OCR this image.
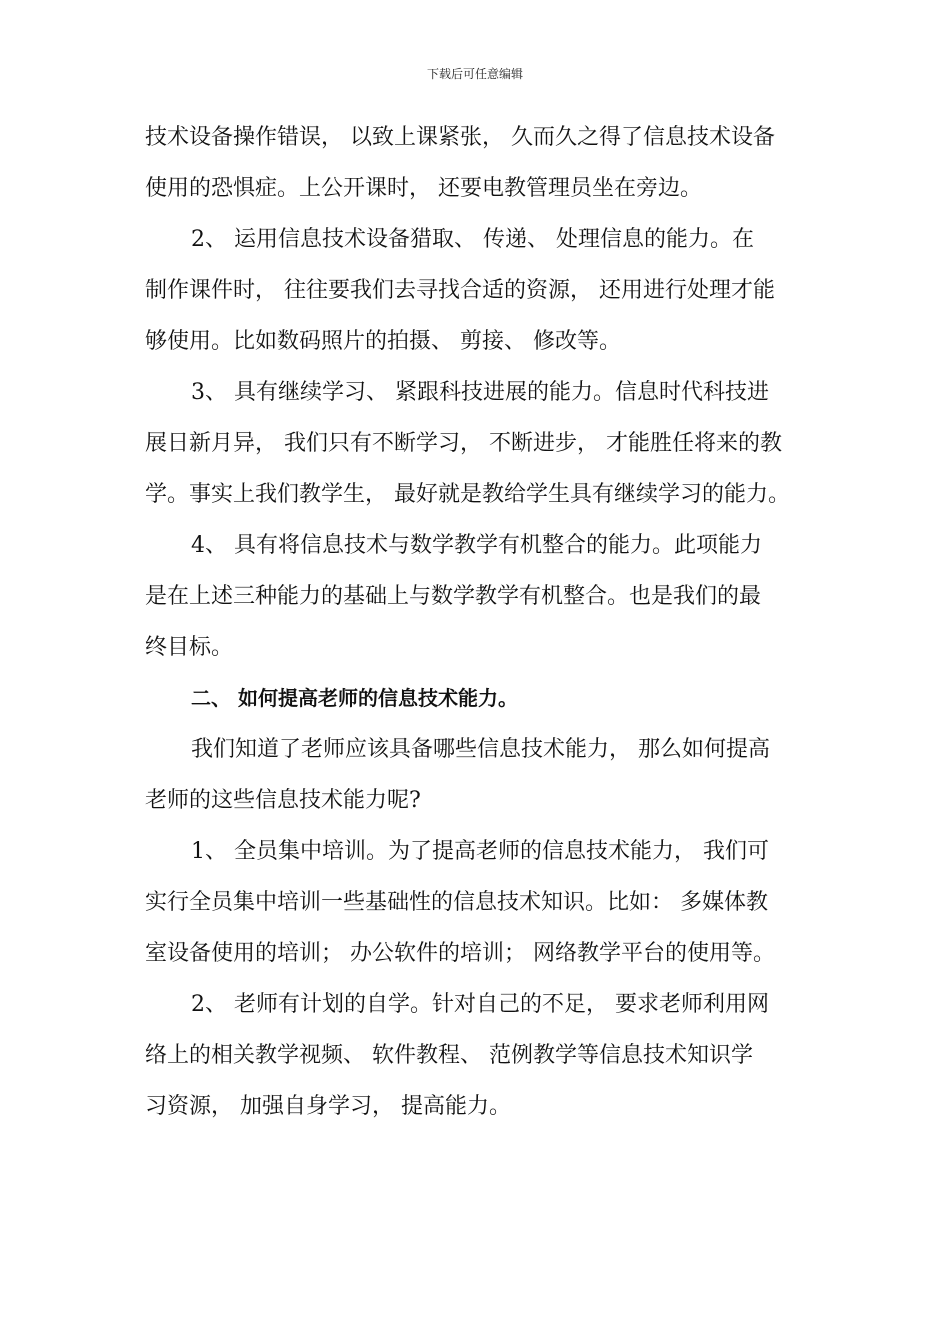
下载后可任意编辑
技术设备操作错误， 以致上课紧张， 久而久之得了信息技术设备
使用的恐惧症。上公开课时， 还要电教管理员坐在旁边。
2、 运用信息技术设备猎取、 传递、 处理信息的能力。在
制作课件时， 往往要我们去寻找合适的资源， 还用进行处理才能
够使用。比如数码照片的拍摄、 剪接、 修改等。
3、 具有继续学习、 紧跟科技进展的能力。信息时代科技进
展日新月异， 我们只有不断学习， 不断进步， 才能胜任将来的教
学。事实上我们教学生， 最好就是教给学生具有继续学习的能力。
4、 具有将信息技术与数学教学有机整合的能力。此项能力
是在上述三种能力的基础上与数学教学有机整合。也是我们的最
终目标。
二、 如何提高老师的信息技术能力。
我们知道了老师应该具备哪些信息技术能力， 那么如何提高
老师的这些信息技术能力呢?
1、 全员集中培训。为了提高老师的信息技术能力， 我们可
实行全员集中培训一些基础性的信息技术知识。比如： 多媒体教
室设备使用的培训； 办公软件的培训； 网络教学平台的使用等。
2、 老师有计划的自学。针对自己的不足， 要求老师利用网
络上的相关教学视频、 软件教程、 范例教学等信息技术知识学
习资源， 加强自身学习， 提高能力。
